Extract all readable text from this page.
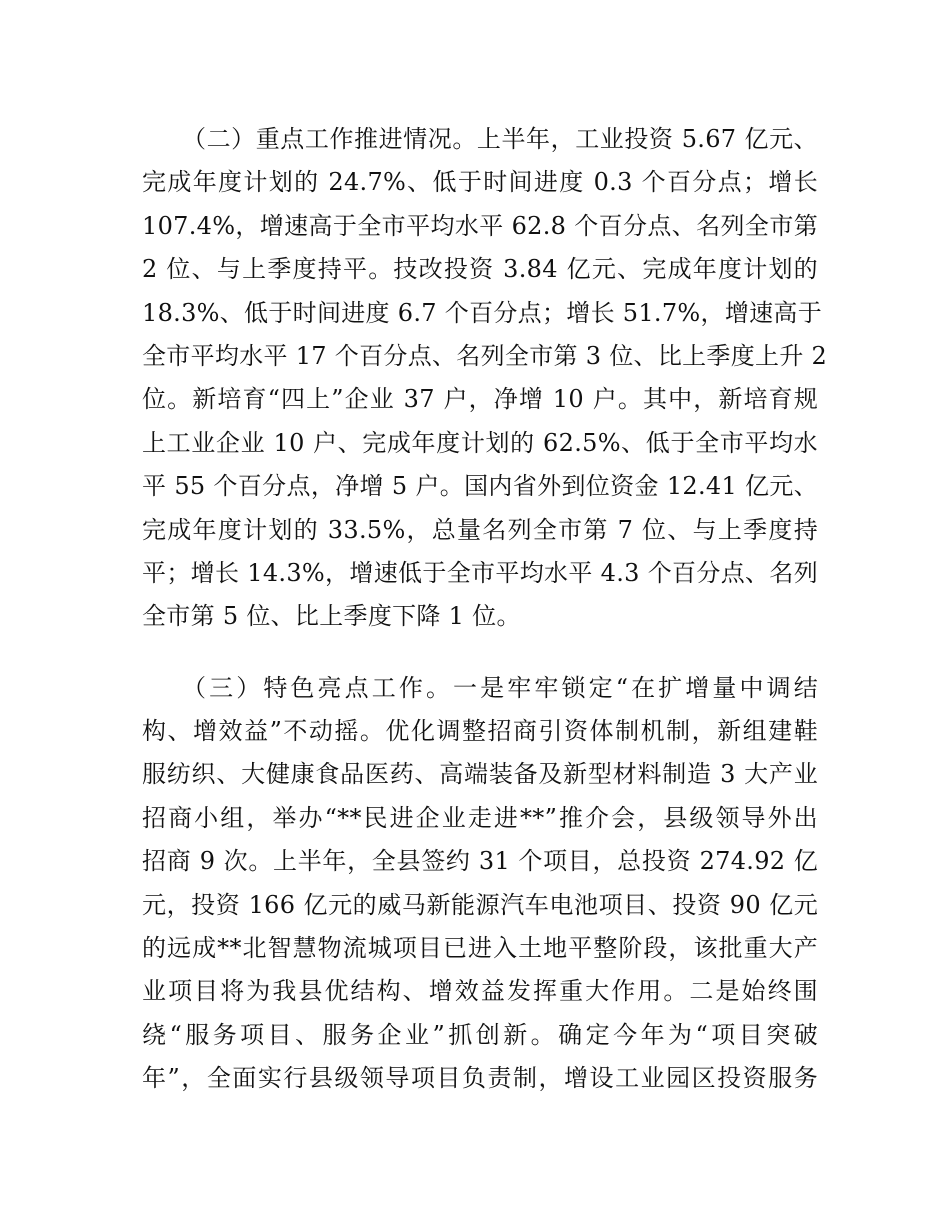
（二）重点工作推进情况。上半年，工业投资 5.67 亿元、
完成年度计划的 24.7%、低于时间进度 0.3 个百分点；增长
107.4%，增速高于全市平均水平 62.8 个百分点、名列全市第
2 位、与上季度持平。技改投资 3.84 亿元、完成年度计划的
18.3%、低于时间进度 6.7 个百分点；增长 51.7%，增速高于
全市平均水平 17 个百分点、名列全市第 3 位、比上季度上升 2
位。新培育“四上”企业 37 户，净增 10 户。其中，新培育规
上工业企业 10 户、完成年度计划的 62.5%、低于全市平均水
平 55 个百分点，净增 5 户。国内省外到位资金 12.41 亿元、
完成年度计划的 33.5%，总量名列全市第 7 位、与上季度持
平；增长 14.3%，增速低于全市平均水平 4.3 个百分点、名列
全市第 5 位、比上季度下降 1 位。
（三）特色亮点工作。一是牢牢锁定“在扩增量中调结
构、增效益”不动摇。优化调整招商引资体制机制，新组建鞋
服纺织、大健康食品医药、高端装备及新型材料制造 3 大产业
招商小组，举办“**民进企业走进**”推介会，县级领导外出
招商 9 次。上半年，全县签约 31 个项目，总投资 274.92 亿
元，投资 166 亿元的威马新能源汽车电池项目、投资 90 亿元
的远成**北智慧物流城项目已进入土地平整阶段，该批重大产
业项目将为我县优结构、增效益发挥重大作用。二是始终围
绕“服务项目、服务企业”抓创新。确定今年为“项目突破
年”，全面实行县级领导项目负责制，增设工业园区投资服务
